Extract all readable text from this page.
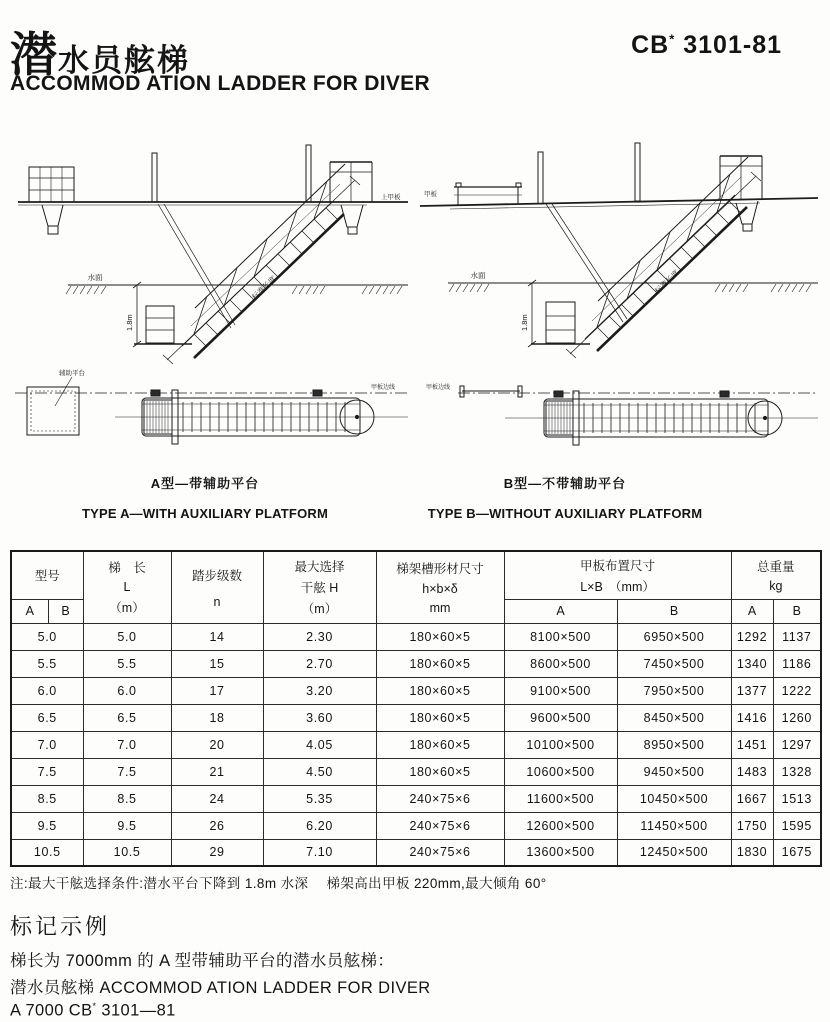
潜水员舷梯	CB* 3101-81
ACCOMMOD ATION LADDER FOR DIVER
水面
1.8m
标准长度
上甲板
辅助平台
甲板边线
甲板
水面
1.8m
标准长度
甲板边线
A型—带辅助平台
TYPE A—WITH AUXILIARY PLATFORM
B型—不带辅助平台
TYPE B—WITHOUT AUXILIARY PLATFORM
型号	
梯　长
L
（m）

踏步级数
n

最大选择
干舷 H
（m）

梯架槽形材尺寸
h×b×δ
mm

甲板布置尺寸
L×B　（mm）

总重量
kg

A	B					A	B	A	B
5.0		5.0	14	2.30	180×60×5	8100×500	6950×500	1292	1137
5.5		5.5	15	2.70	180×60×5	8600×500	7450×500	1340	1186
6.0		6.0	17	3.20	180×60×5	9100×500	7950×500	1377	1222
6.5		6.5	18	3.60	180×60×5	9600×500	8450×500	1416	1260
7.0		7.0	20	4.05	180×60×5	10100×500	8950×500	1451	1297
7.5		7.5	21	4.50	180×60×5	10600×500	9450×500	1483	1328
8.5		8.5	24	5.35	240×75×6	11600×500	10450×500	1667	1513
9.5		9.5	26	6.20	240×75×6	12600×500	11450×500	1750	1595
10.5		10.5	29	7.10	240×75×6	13600×500	12450×500	1830	1675
注:最大干舷选择条件:潜水平台下降到 1.8m 水深　 梯架高出甲板 220mm,最大倾角 60°
标记示例
梯长为 7000mm 的 A 型带辅助平台的潜水员舷梯：
潜水员舷梯 ACCOMMOD ATION LADDER FOR DIVER
A 7000 CB* 3101—81
